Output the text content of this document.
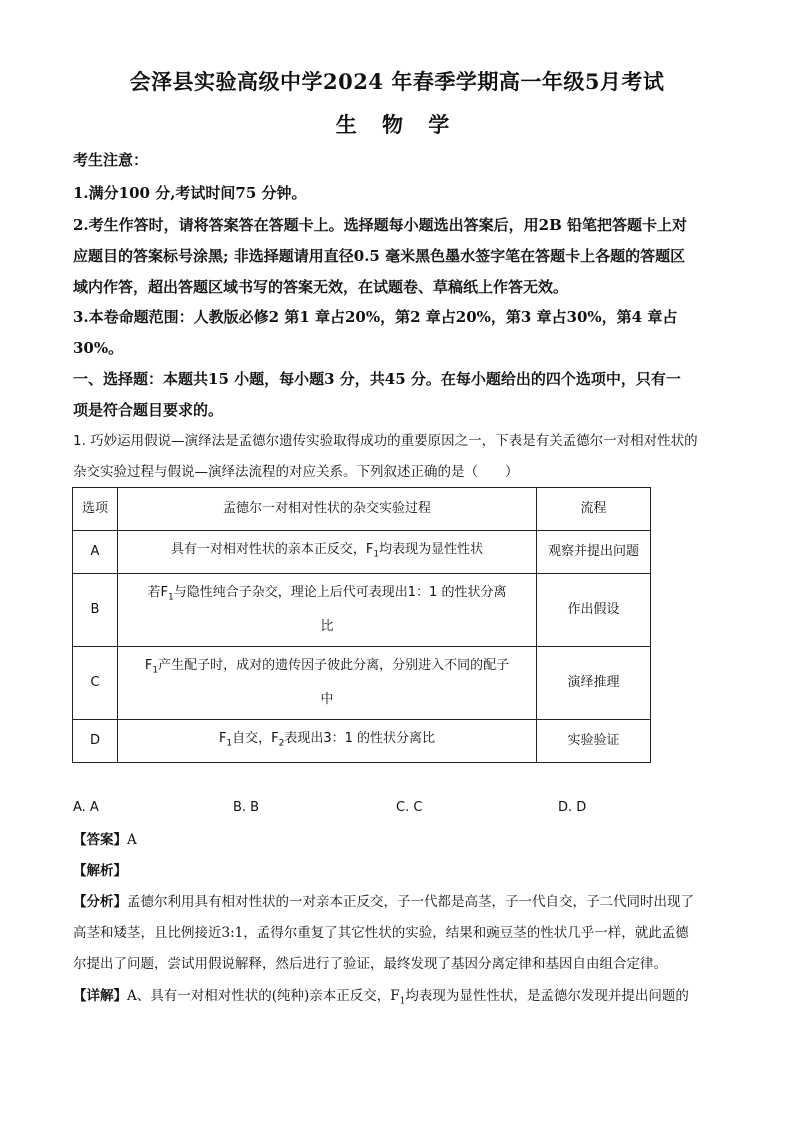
会泽县实验高级中学2024 年春季学期高一年级5月考试
生 物 学
考生注意：
1.满分100 分,考试时间75 分钟。
2.考生作答时，请将答案答在答题卡上。选择题每小题选出答案后，用2B 铅笔把答题卡上对
应题目的答案标号涂黑; 非选择题请用直径0.5 毫米黑色墨水签字笔在答题卡上各题的答题区
域内作答，超出答题区域书写的答案无效，在试题卷、草稿纸上作答无效。
3.本卷命题范围：人教版必修2 第1 章占20%，第2 章占20%，第3 章占30%，第4 章占
30%。
一、选择题：本题共15 小题，每小题3 分，共45 分。在每小题给出的四个选项中，只有一
项是符合题目要求的。
1. 巧妙运用假说—演绎法是孟德尔遗传实验取得成功的重要原因之一，下表是有关孟德尔一对相对性状的
杂交实验过程与假说—演绎法流程的对应关系。下列叙述正确的是（　　）
选项	孟德尔一对相对性状的杂交实验过程	流程
A	具有一对相对性状的亲本正反交，$F_1$均表现为显性性状	观察并提出问题
B	若$F_1$与隐性纯合子杂交，理论上后代可表现出1：1 的性状分离
比	作出假设
C	$F_1$产生配子时，成对的遗传因子彼此分离，分别进入不同的配子
中	演绎推理
D	$F_1$自交，$F_2$表现出3：1 的性状分离比	实验验证
A. A	B. B	C. C	D. D
【答案】A
【解析】
【分析】孟德尔利用具有相对性状的一对亲本正反交，子一代都是高茎，子一代自交，子二代同时出现了
高茎和矮茎，且比例接近3:1，孟得尔重复了其它性状的实验，结果和豌豆茎的性状几乎一样，就此孟德
尔提出了问题，尝试用假说解释，然后进行了验证，最终发现了基因分离定律和基因自由组合定律。
【详解】A、具有一对相对性状的(纯种)亲本正反交，$F_1$均表现为显性性状，是孟德尔发现并提出问题的
